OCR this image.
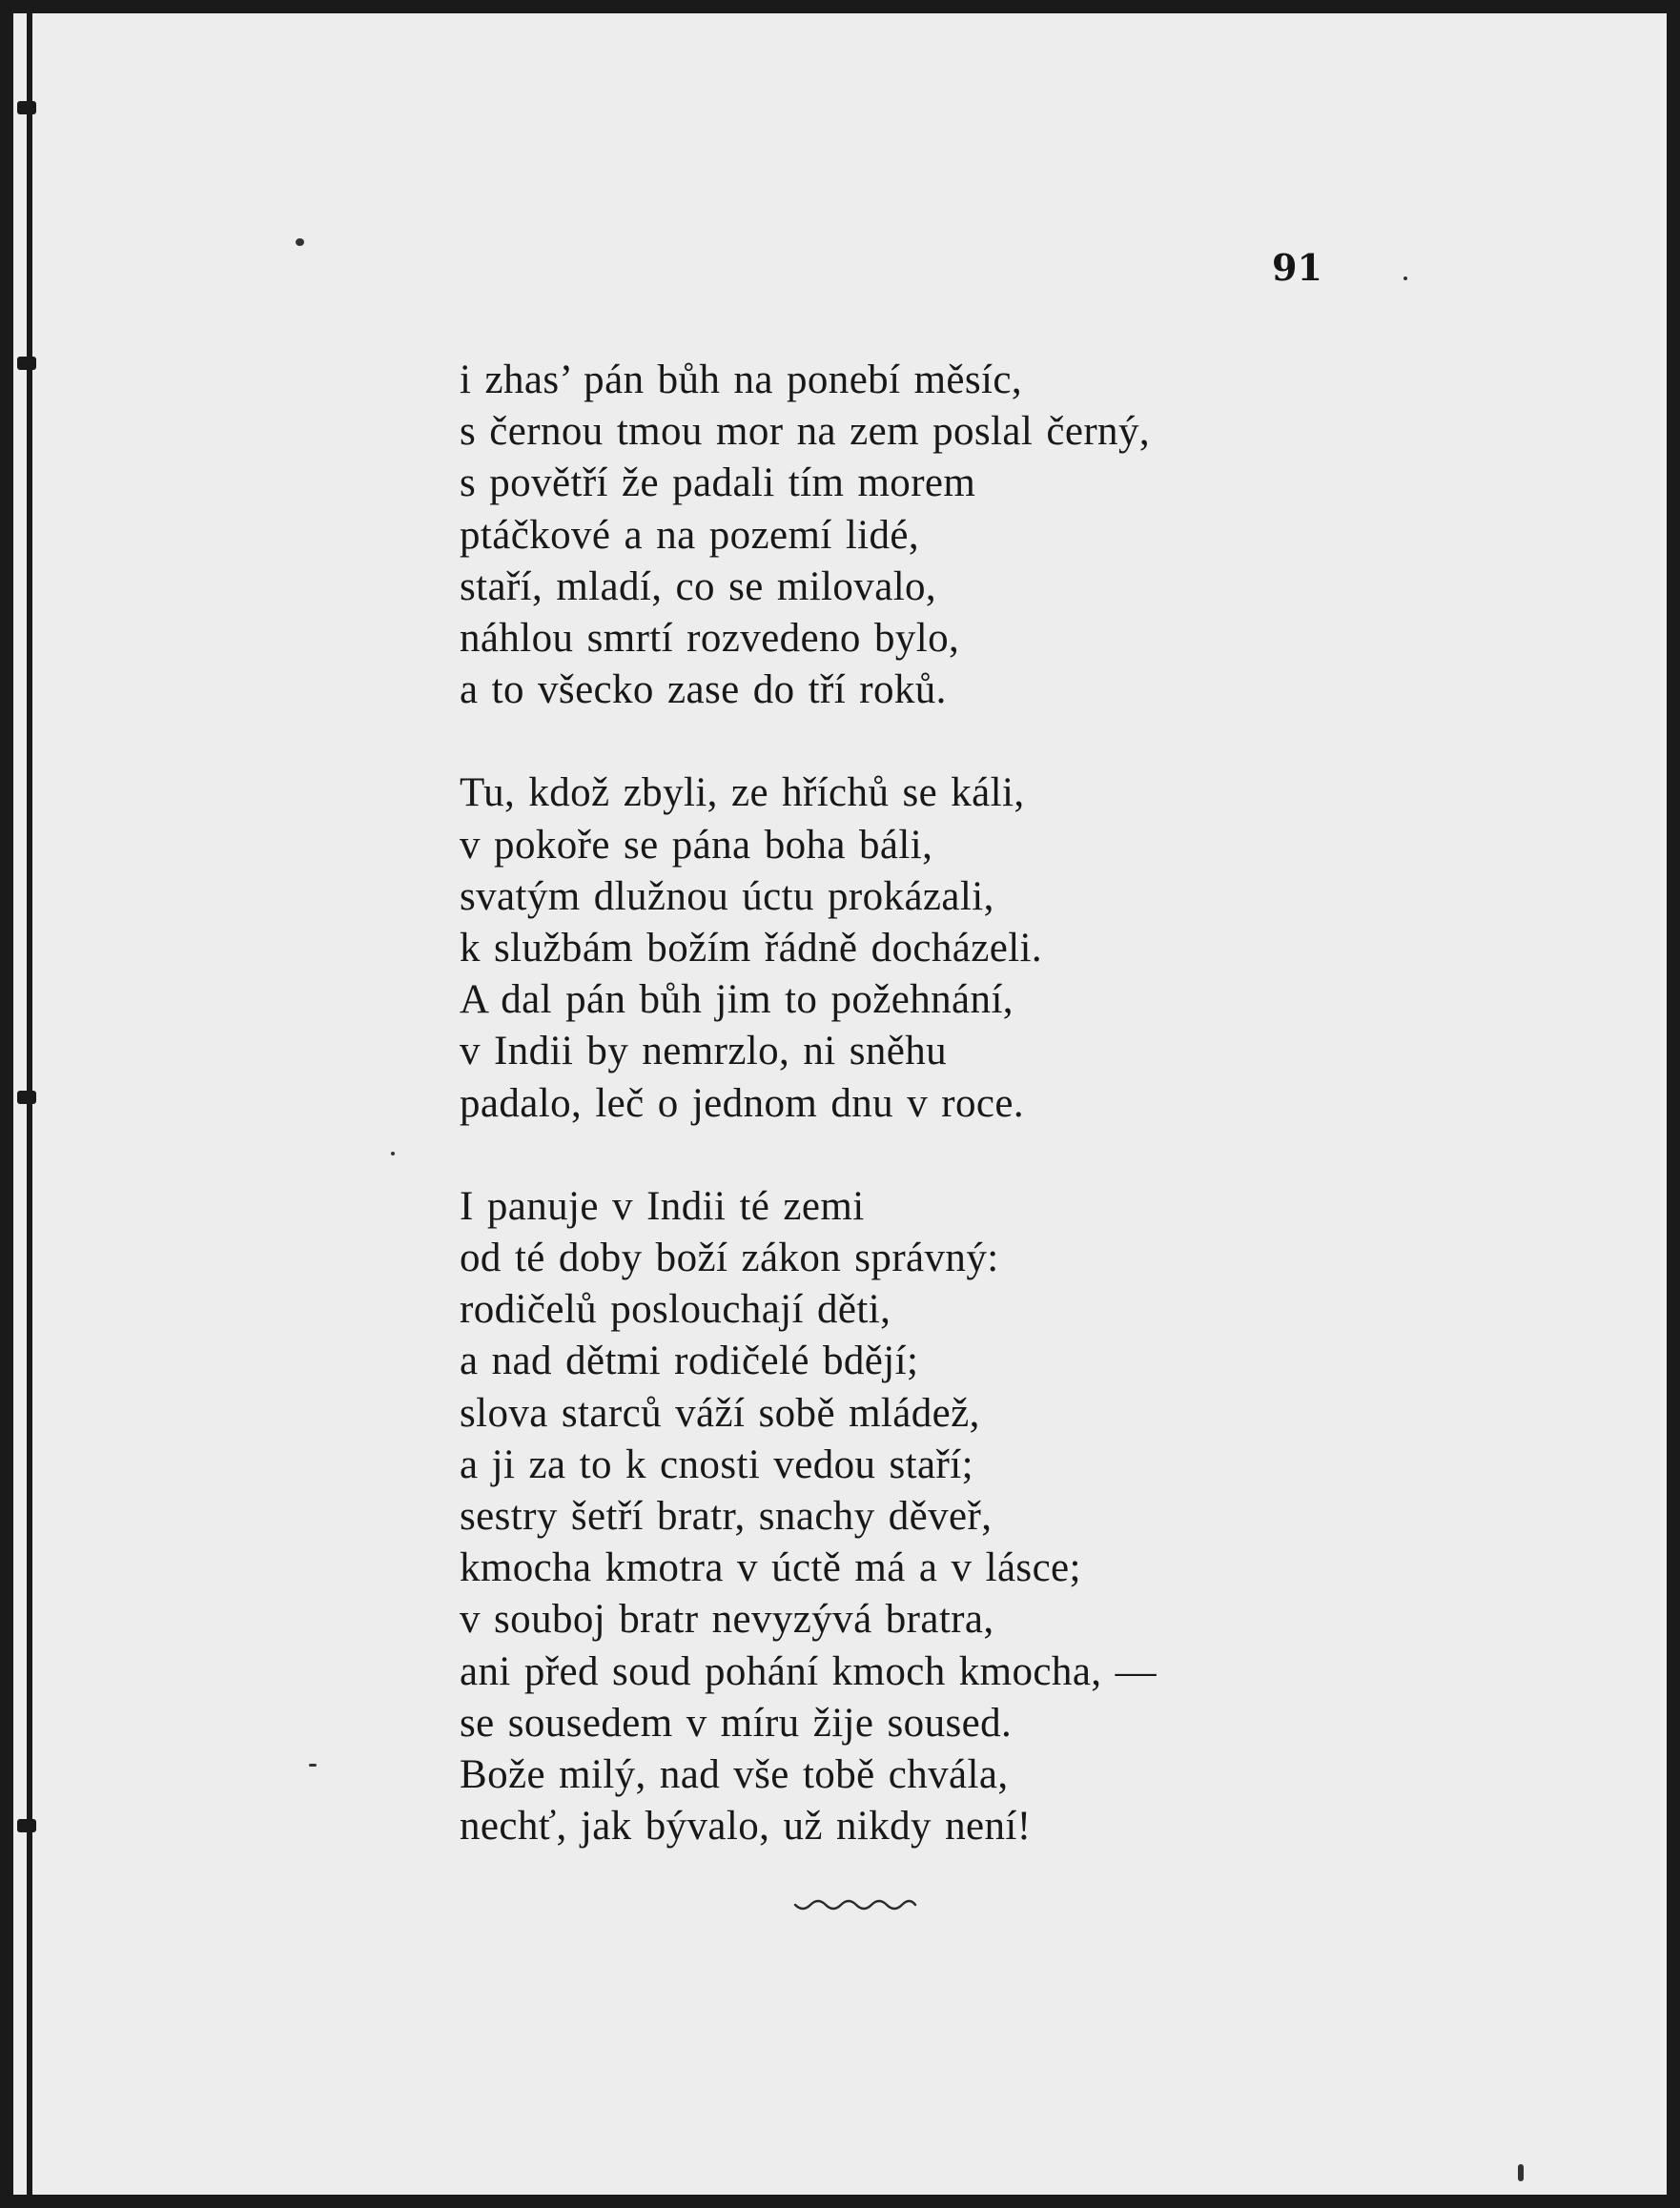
91
i zhas’ pán bůh na ponebí měsíc,
s černou tmou mor na zem poslal černý,
s povětří že padali tím morem
ptáčkové a na pozemí lidé,
staří, mladí, co se milovalo,
náhlou smrtí rozvedeno bylo,
a to všecko zase do tří roků.
Tu, kdož zbyli, ze hříchů se káli,
v pokoře se pána boha báli,
svatým dlužnou úctu prokázali,
k službám božím řádně docházeli.
A dal pán bůh jim to požehnání,
v Indii by nemrzlo, ni sněhu
padalo, leč o jednom dnu v roce.
I panuje v Indii té zemi
od té doby boží zákon správný:
rodičelů poslouchají děti,
a nad dětmi rodičelé bdějí;
slova starců váží sobě mládež,
a ji za to k cnosti vedou staří;
sestry šetří bratr, snachy děveř,
kmocha kmotra v úctě má a v lásce;
v souboj bratr nevyzývá bratra,
ani před soud pohání kmoch kmocha, —
se sousedem v míru žije soused.
Bože milý, nad vše tobě chvála,
nechť, jak bývalo, už nikdy není!
